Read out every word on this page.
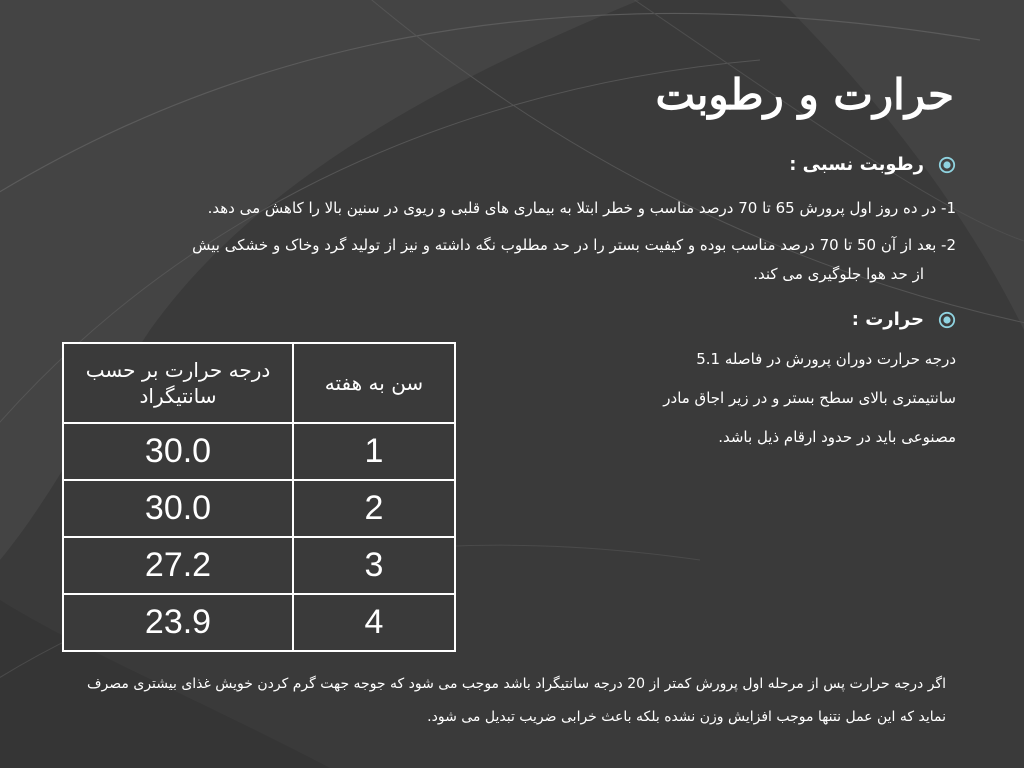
حرارت و رطوبت
رطوبت نسبی :
1- در ده روز اول پرورش 65 تا 70 درصد مناسب و خطر ابتلا به بیماری های قلبی و ریوی در سنین بالا را کاهش می دهد.
2- بعد از آن 50 تا 70 درصد مناسب بوده و کیفیت بستر را در حد مطلوب نگه داشته و نیز از تولید گرد وخاک و خشکی بیش
از حد هوا جلوگیری می کند.
حرارت :
درجه حرارت دوران پرورش در فاصله 5.1 سانتیمتری بالای سطح بستر و در زیر اجاق مادر مصنوعی باید در حدود ارقام ذیل باشد.
سن به هفته	درجه حرارت بر حسب سانتیگراد
1	30.0
2	30.0
3	27.2
4	23.9
اگر درجه حرارت پس از مرحله اول پرورش کمتر از 20 درجه سانتیگراد باشد موجب می شود که جوجه جهت گرم کردن خویش غذای بیشتری مصرف نماید که این عمل نتنها موجب افزایش وزن نشده بلکه باعث خرابی ضریب تبدیل می شود.
